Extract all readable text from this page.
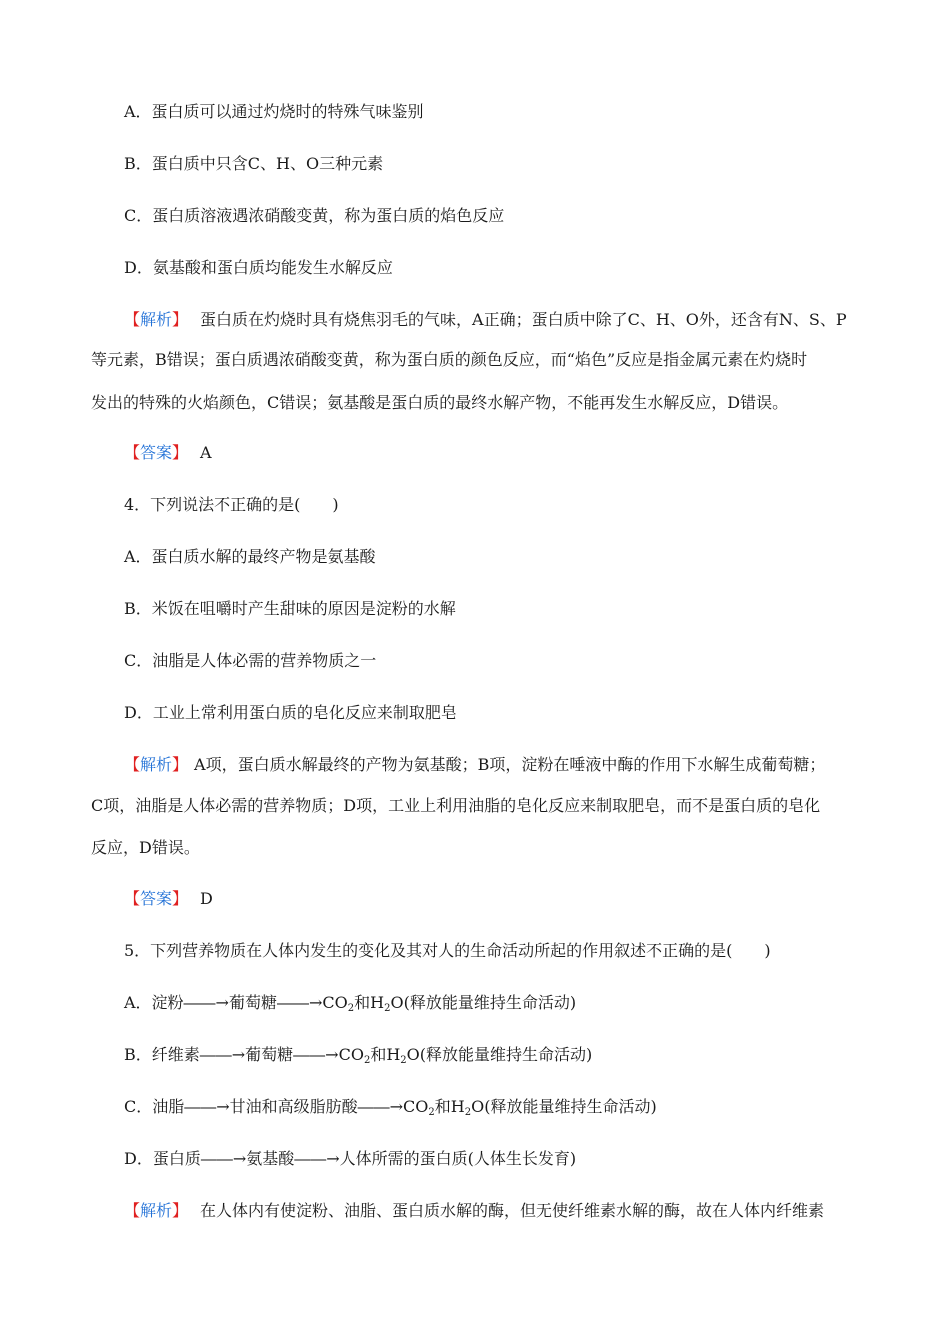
A．蛋白质可以通过灼烧时的特殊气味鉴别
B．蛋白质中只含C、H、O三种元素
C．蛋白质溶液遇浓硝酸变黄，称为蛋白质的焰色反应
D．氨基酸和蛋白质均能发生水解反应
【解析】 蛋白质在灼烧时具有烧焦羽毛的气味，A正确；蛋白质中除了C、H、O外，还含有N、S、P
等元素，B错误；蛋白质遇浓硝酸变黄，称为蛋白质的颜色反应，而“焰色”反应是指金属元素在灼烧时
发出的特殊的火焰颜色，C错误；氨基酸是蛋白质的最终水解产物，不能再发生水解反应，D错误。
【答案】 A
4．下列说法不正确的是(　　)
A．蛋白质水解的最终产物是氨基酸
B．米饭在咀嚼时产生甜味的原因是淀粉的水解
C．油脂是人体必需的营养物质之一
D．工业上常利用蛋白质的皂化反应来制取肥皂
【解析】 A项，蛋白质水解最终的产物为氨基酸；B项，淀粉在唾液中酶的作用下水解生成葡萄糖；
C项，油脂是人体必需的营养物质；D项，工业上利用油脂的皂化反应来制取肥皂，而不是蛋白质的皂化
反应，D错误。
【答案】 D
5．下列营养物质在人体内发生的变化及其对人的生命活动所起的作用叙述不正确的是(　　)
A．淀粉――→葡萄糖$――\to CO_2$和$H_2O$(释放能量维持生命活动)
B．纤维素――→葡萄糖$――\to CO_2$和$H_2O$(释放能量维持生命活动)
C．油脂――→甘油和高级脂肪酸$――\to CO_2$和$H_2O$(释放能量维持生命活动)
D．蛋白质――→氨基酸――→人体所需的蛋白质(人体生长发育)
【解析】 在人体内有使淀粉、油脂、蛋白质水解的酶，但无使纤维素水解的酶，故在人体内纤维素
